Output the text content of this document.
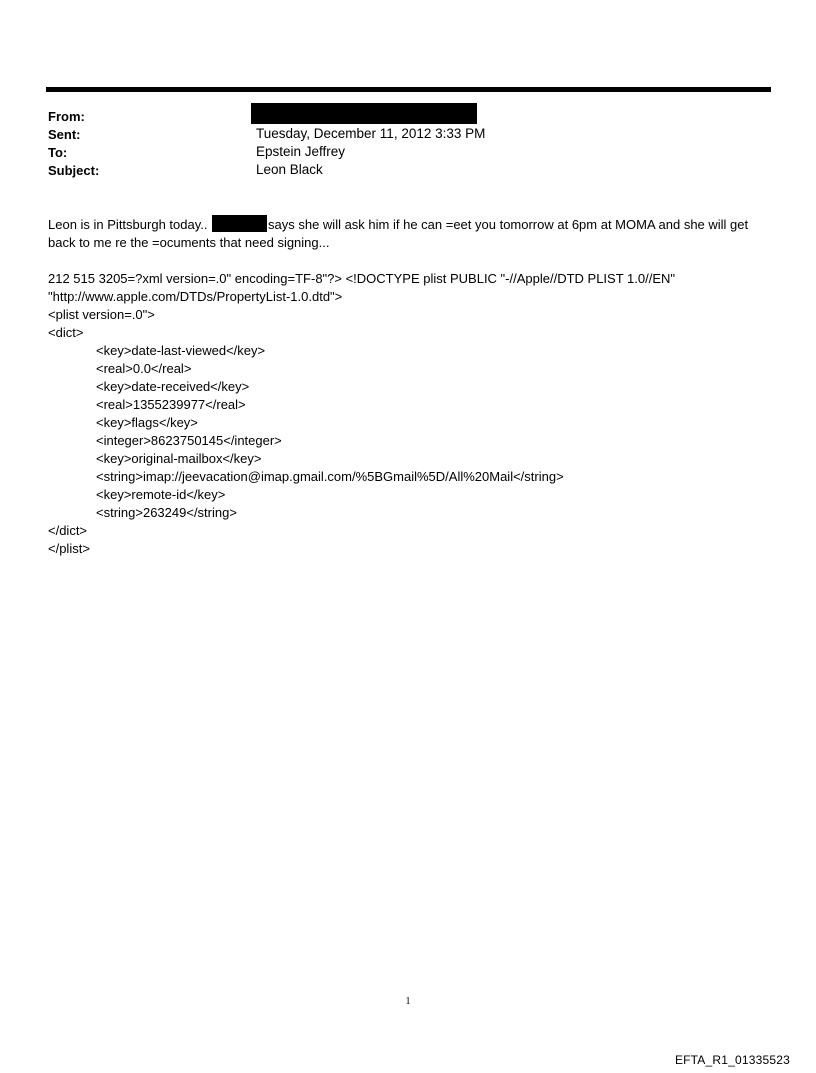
From:
Sent:	Tuesday, December 11, 2012 3:33 PM
To:	Epstein Jeffrey
Subject:	Leon Black
Leon is in Pittsburgh today..	says she will ask him if he can =eet you tomorrow at 6pm at MOMA and she will get
back to me re the =ocuments that need signing...
212 515 3205=?xml version=.0" encoding=TF-8"?> <!DOCTYPE plist PUBLIC "-//Apple//DTD PLIST 1.0//EN"
"http://www.apple.com/DTDs/PropertyList-1.0.dtd">
<plist version=.0">
<dict>
<key>date-last-viewed</key>
<real>0.0</real>
<key>date-received</key>
<real>1355239977</real>
<key>flags</key>
<integer>8623750145</integer>
<key>original-mailbox</key>
<string>imap://jeevacation@imap.gmail.com/%5BGmail%5D/All%20Mail</string>
<key>remote-id</key>
<string>263249</string>
</dict>
</plist>
1
EFTA_R1_01335523
